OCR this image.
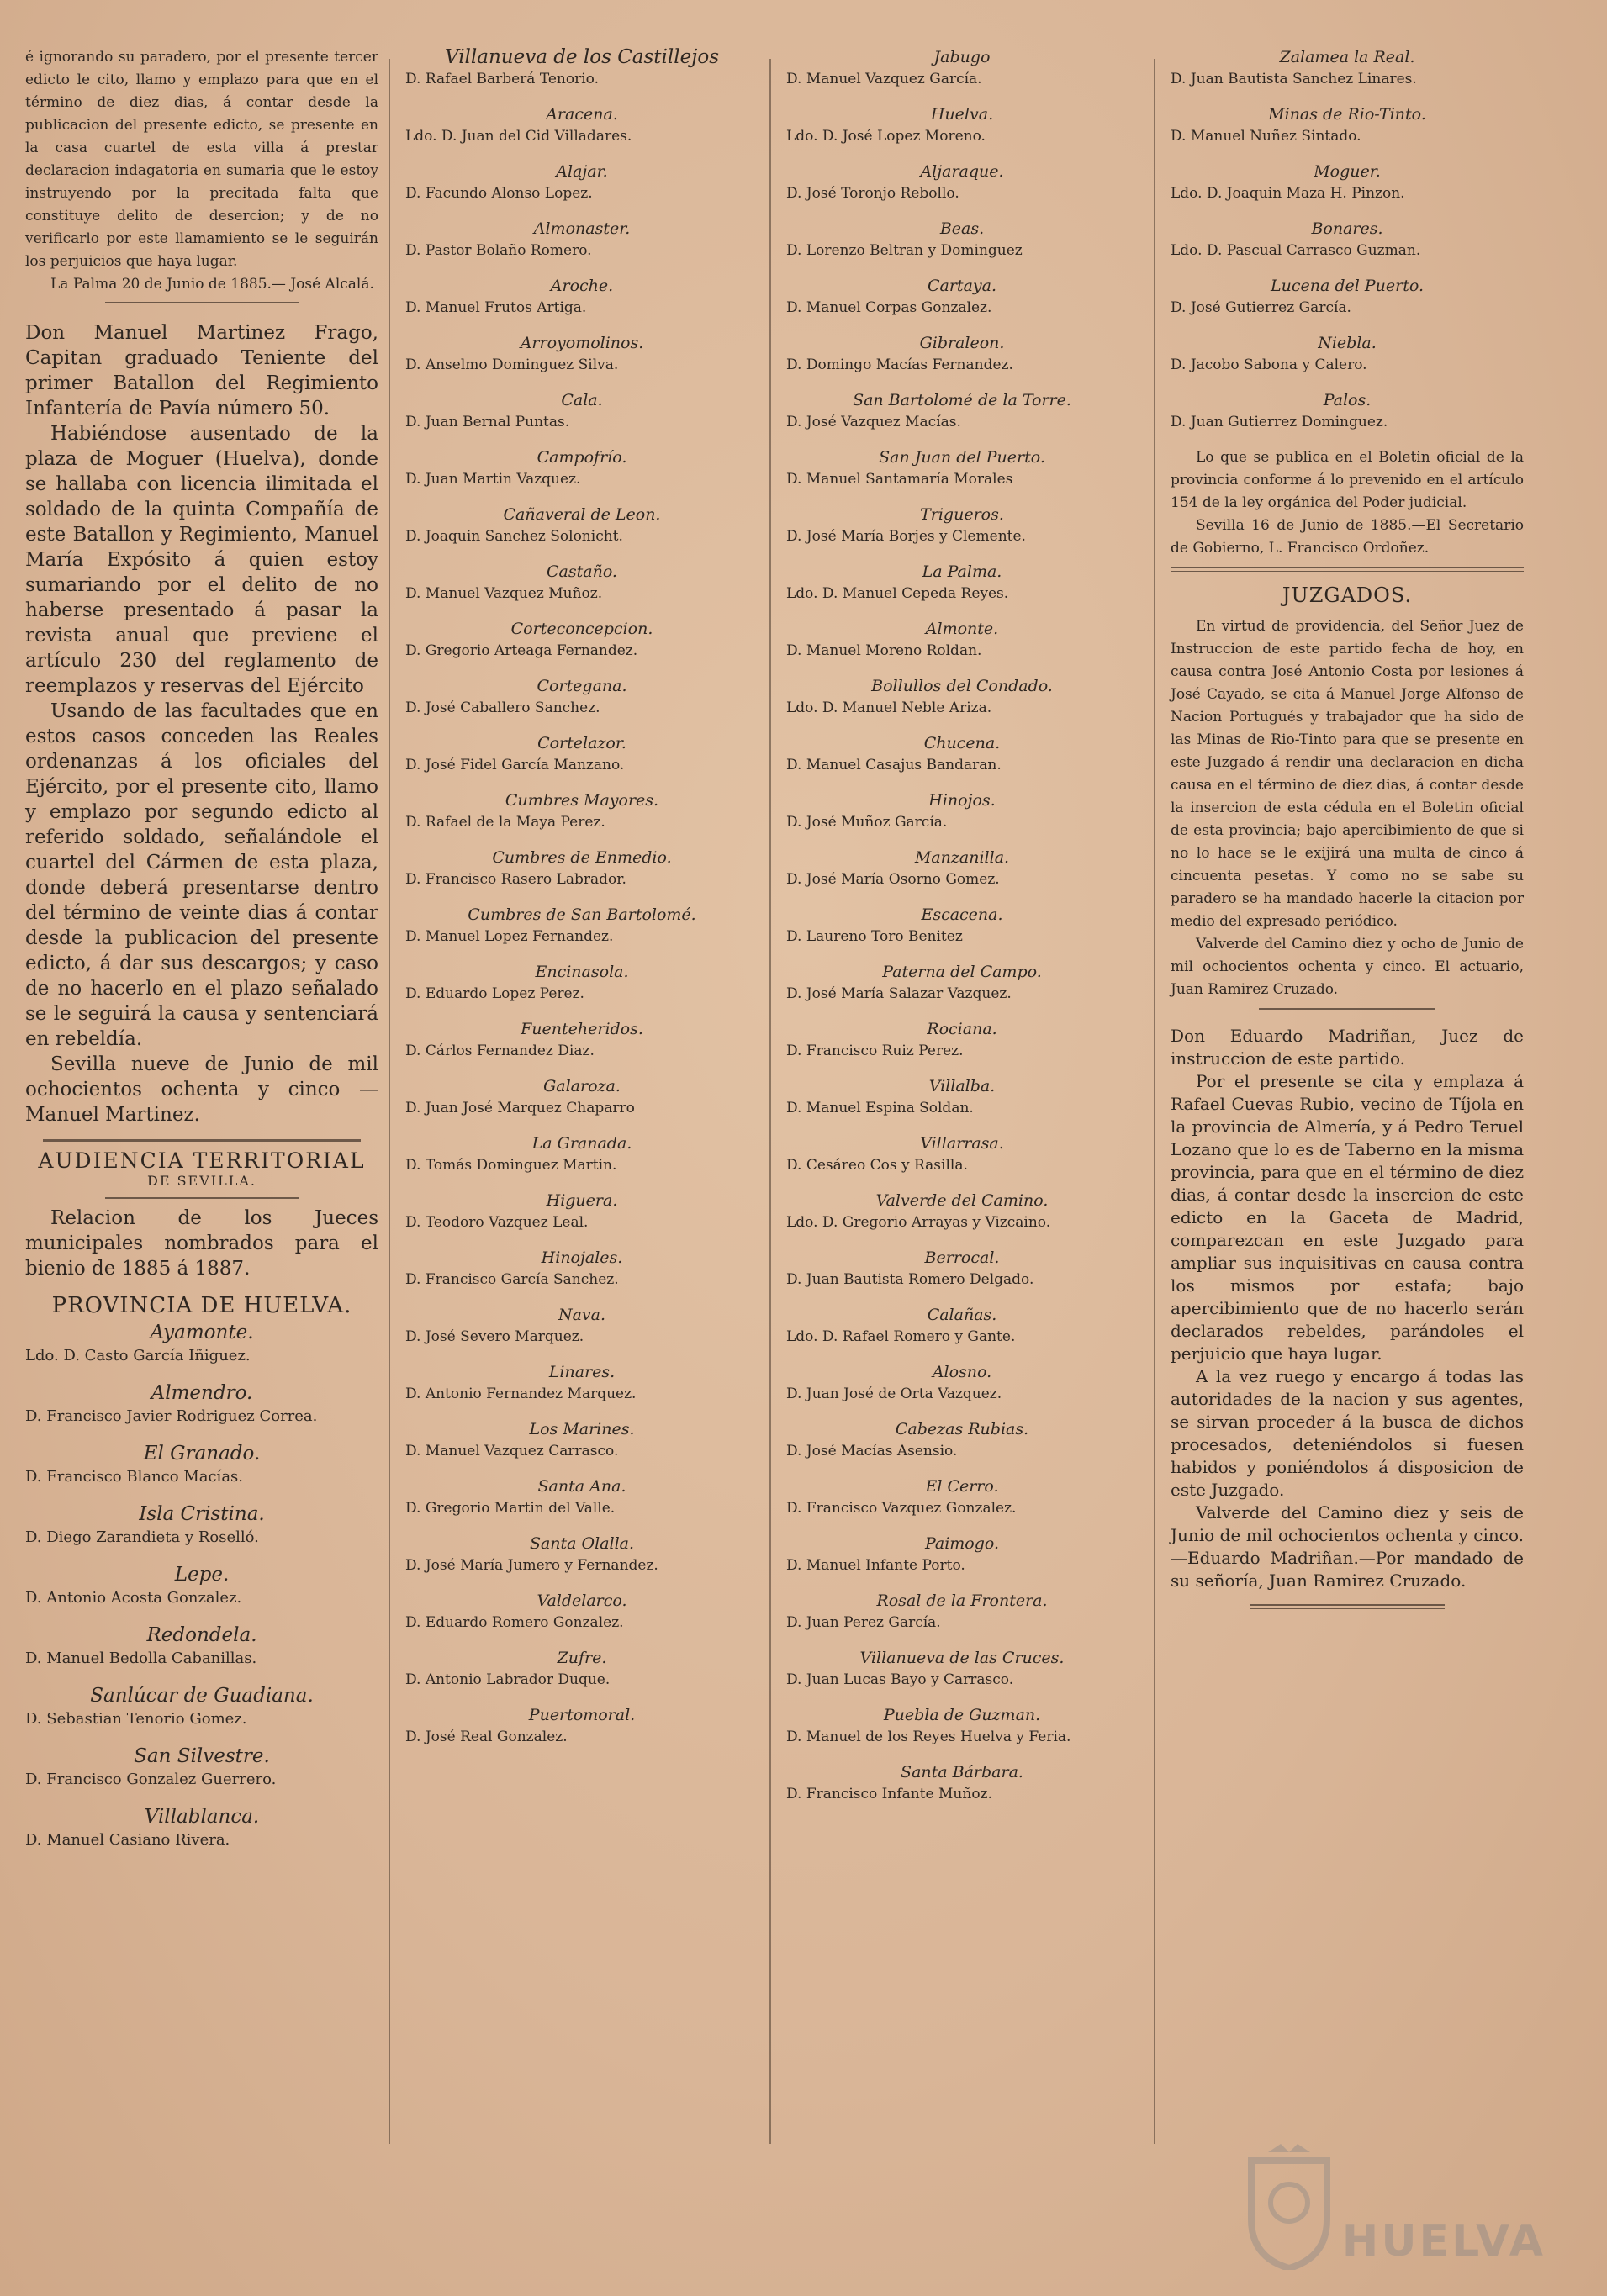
é ignorando su paradero, por el presente tercer edicto le cito, llamo y emplazo para que en el término de diez dias, á contar desde la publicacion del presente edicto, se presente en la casa cuartel de esta villa á prestar declaracion indagatoria en sumaria que le estoy instruyendo por la precitada falta que constituye delito de desercion; y de no verificarlo por este llamamiento se le seguirán los perjuicios que haya lugar.

La Palma 20 de Junio de 1885.— José Alcalá.

Don Manuel Martinez Frago, Capitan graduado Teniente del primer Batallon del Regimiento Infantería de Pavía número 50.

Habiéndose ausentado de la plaza de Moguer (Huelva), donde se hallaba con licencia ilimitada el soldado de la quinta Compañía de este Batallon y Regimiento, Manuel María Expósito á quien estoy sumariando por el delito de no haberse presentado á pasar la revista anual que previene el artículo 230 del reglamento de reemplazos y reservas del Ejército

Usando de las facultades que en estos casos conceden las Reales ordenanzas á los oficiales del Ejército, por el presente cito, llamo y emplazo por segundo edicto al referido soldado, señalándole el cuartel del Cármen de esta plaza, donde deberá presentarse dentro del término de veinte dias á contar desde la publicacion del presente edicto, á dar sus descargos; y caso de no hacerlo en el plazo señalado se le seguirá la causa y sentenciará en rebeldía.

Sevilla nueve de Junio de mil ochocientos ochenta y cinco — Manuel Martinez.

AUDIENCIA TERRITORIAL
DE SEVILLA.

Relacion de los Jueces municipales nombrados para el bienio de 1885 á 1887.

PROVINCIA DE HUELVA.

Ayamonte.

Ldo. D. Casto García Iñiguez.

Almendro.

D. Francisco Javier Rodriguez Correa.

El Granado.

D. Francisco Blanco Macías.

Isla Cristina.

D. Diego Zarandieta y Roselló.

Lepe.

D. Antonio Acosta Gonzalez.

Redondela.

D. Manuel Bedolla Cabanillas.

Sanlúcar de Guadiana.

D. Sebastian Tenorio Gomez.

San Silvestre.

D. Francisco Gonzalez Guerrero.

Villablanca.

D. Manuel Casiano Rivera.

Villanueva de los Castillejos

D. Rafael Barberá Tenorio.

Aracena.

Ldo. D. Juan del Cid Villadares.

Alajar.

D. Facundo Alonso Lopez.

Almonaster.

D. Pastor Bolaño Romero.

Aroche.

D. Manuel Frutos Artiga.

Arroyomolinos.

D. Anselmo Dominguez Silva.

Cala.

D. Juan Bernal Puntas.

Campofrío.

D. Juan Martin Vazquez.

Cañaveral de Leon.

D. Joaquin Sanchez Solonicht.

Castaño.

D. Manuel Vazquez Muñoz.

Corteconcepcion.

D. Gregorio Arteaga Fernandez.

Cortegana.

D. José Caballero Sanchez.

Cortelazor.

D. José Fidel García Manzano.

Cumbres Mayores.

D. Rafael de la Maya Perez.

Cumbres de Enmedio.

D. Francisco Rasero Labrador.

Cumbres de San Bartolomé.

D. Manuel Lopez Fernandez.

Encinasola.

D. Eduardo Lopez Perez.

Fuenteheridos.

D. Cárlos Fernandez Diaz.

Galaroza.

D. Juan José Marquez Chaparro

La Granada.

D. Tomás Dominguez Martin.

Higuera.

D. Teodoro Vazquez Leal.

Hinojales.

D. Francisco García Sanchez.

Nava.

D. José Severo Marquez.

Linares.

D. Antonio Fernandez Marquez.

Los Marines.

D. Manuel Vazquez Carrasco.

Santa Ana.

D. Gregorio Martin del Valle.

Santa Olalla.

D. José María Jumero y Fernandez.

Valdelarco.

D. Eduardo Romero Gonzalez.

Zufre.

D. Antonio Labrador Duque.

Puertomoral.

D. José Real Gonzalez.

Jabugo

D. Manuel Vazquez García.

Huelva.

Ldo. D. José Lopez Moreno.

Aljaraque.

D. José Toronjo Rebollo.

Beas.

D. Lorenzo Beltran y Dominguez

Cartaya.

D. Manuel Corpas Gonzalez.

Gibraleon.

D. Domingo Macías Fernandez.

San Bartolomé de la Torre.

D. José Vazquez Macías.

San Juan del Puerto.

D. Manuel Santamaría Morales

Trigueros.

D. José María Borjes y Clemente.

La Palma.

Ldo. D. Manuel Cepeda Reyes.

Almonte.

D. Manuel Moreno Roldan.

Bollullos del Condado.

Ldo. D. Manuel Neble Ariza.

Chucena.

D. Manuel Casajus Bandaran.

Hinojos.

D. José Muñoz García.

Manzanilla.

D. José María Osorno Gomez.

Escacena.

D. Laureno Toro Benitez

Paterna del Campo.

D. José María Salazar Vazquez.

Rociana.

D. Francisco Ruiz Perez.

Villalba.

D. Manuel Espina Soldan.

Villarrasa.

D. Cesáreo Cos y Rasilla.

Valverde del Camino.

Ldo. D. Gregorio Arrayas y Vizcaino.

Berrocal.

D. Juan Bautista Romero Delgado.

Calañas.

Ldo. D. Rafael Romero y Gante.

Alosno.

D. Juan José de Orta Vazquez.

Cabezas Rubias.

D. José Macías Asensio.

El Cerro.

D. Francisco Vazquez Gonzalez.

Paimogo.

D. Manuel Infante Porto.

Rosal de la Frontera.

D. Juan Perez García.

Villanueva de las Cruces.

D. Juan Lucas Bayo y Carrasco.

Puebla de Guzman.

D. Manuel de los Reyes Huelva y Feria.

Santa Bárbara.

D. Francisco Infante Muñoz.

Zalamea la Real.

D. Juan Bautista Sanchez Linares.

Minas de Rio-Tinto.

D. Manuel Nuñez Sintado.

Moguer.

Ldo. D. Joaquin Maza H. Pinzon.

Bonares.

Ldo. D. Pascual Carrasco Guzman.

Lucena del Puerto.

D. José Gutierrez García.

Niebla.

D. Jacobo Sabona y Calero.

Palos.

D. Juan Gutierrez Dominguez.

Lo que se publica en el Boletin oficial de la provincia conforme á lo prevenido en el artículo 154 de la ley orgánica del Poder judicial.

Sevilla 16 de Junio de 1885.—El Secretario de Gobierno, L. Francisco Ordoñez.

JUZGADOS.

En virtud de providencia, del Señor Juez de Instruccion de este partido fecha de hoy, en causa contra José Antonio Costa por lesiones á José Cayado, se cita á Manuel Jorge Alfonso de Nacion Portugués y trabajador que ha sido de las Minas de Rio-Tinto para que se presente en este Juzgado á rendir una declaracion en dicha causa en el término de diez dias, á contar desde la insercion de esta cédula en el Boletin oficial de esta provincia; bajo apercibimiento de que si no lo hace se le exijirá una multa de cinco á cincuenta pesetas. Y como no se sabe su paradero se ha mandado hacerle la citacion por medio del expresado periódico.

Valverde del Camino diez y ocho de Junio de mil ochocientos ochenta y cinco. El actuario, Juan Ramirez Cruzado.

Don Eduardo Madriñan, Juez de instruccion de este partido.

Por el presente se cita y emplaza á Rafael Cuevas Rubio, vecino de Tíjola en la provincia de Almería, y á Pedro Teruel Lozano que lo es de Taberno en la misma provincia, para que en el término de diez dias, á contar desde la insercion de este edicto en la Gaceta de Madrid, comparezcan en este Juzgado para ampliar sus inquisitivas en causa contra los mismos por estafa; bajo apercibimiento que de no hacerlo serán declarados rebeldes, parándoles el perjuicio que haya lugar.

A la vez ruego y encargo á todas las autoridades de la nacion y sus agentes, se sirvan proceder á la busca de dichos procesados, deteniéndolos si fuesen habidos y poniéndolos á disposicion de este Juzgado.

Valverde del Camino diez y seis de Junio de mil ochocientos ochenta y cinco.—Eduardo Madriñan.—Por mandado de su señoría, Juan Ramirez Cruzado.

HUELVA
